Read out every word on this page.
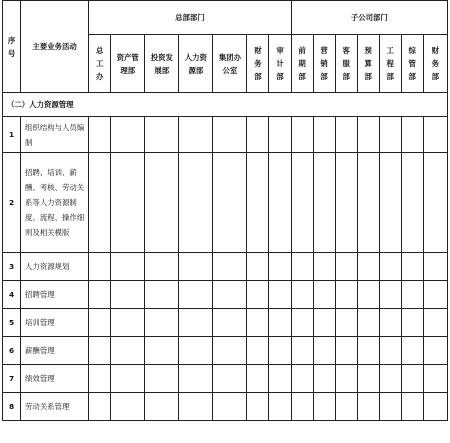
序号	主要业务活动	总部部门							子公司部门						

		总工办	资产管理部	投资发展部	人力资源部	集团办公室	财务部	审计部	前期部	营销部	客服部	预算部	工程部	综管部	财务部

（二）人力资源管理															
1	组织结构与人员编制														
2	招聘、培训、薪酬、考核、劳动关系等人力资源制度、流程、操作细则及相关模版														
3	人力资源规划														
4	招聘管理														
5	培训管理														
6	薪酬管理														
7	绩效管理														
8	劳动关系管理														
